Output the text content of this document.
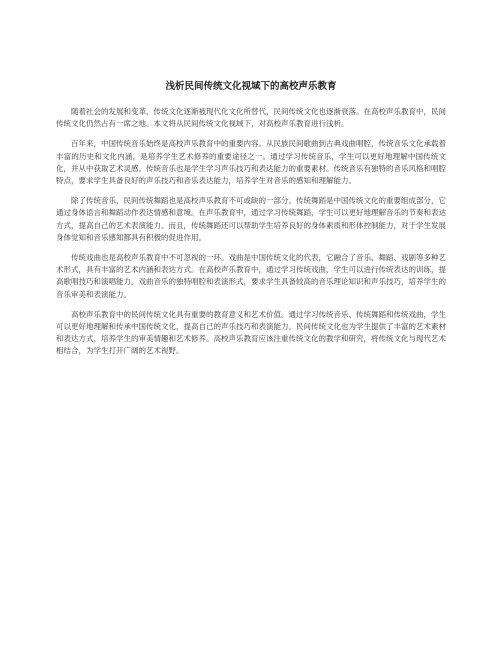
浅析民间传统文化视域下的高校声乐教育

随着社会的发展和变革，传统文化逐渐被现代化文化所替代，民间传统文化也逐渐衰落。在高校声乐教育中，民间传统文化仍然占有一席之地。本文将从民间传统文化视域下，对高校声乐教育进行浅析。

百年来，中国传统音乐始终是高校声乐教育中的重要内容。从民族民间歌曲到古典戏曲唱腔，传统音乐文化承载着丰富的历史和文化内涵，是培养学生艺术修养的重要途径之一。通过学习传统音乐，学生可以更好地理解中国传统文化，并从中获取艺术灵感。传统音乐也是学生学习声乐技巧和表达能力的重要素材。传统音乐有独特的音乐风格和唱腔特点，要求学生具备良好的声乐技巧和音乐表达能力，培养学生对音乐的感知和理解能力。

除了传统音乐，民间传统舞蹈也是高校声乐教育不可或缺的一部分。传统舞蹈是中国传统文化的重要组成部分，它通过身体语言和舞蹈动作表达情感和意境。在声乐教育中，通过学习传统舞蹈，学生可以更好地理解音乐的节奏和表达方式，提高自己的艺术表演能力。而且，传统舞蹈还可以帮助学生培养良好的身体素质和形体控制能力，对于学生发展身体觉知和音乐感知都具有积极的促进作用。

传统戏曲也是高校声乐教育中不可忽视的一环。戏曲是中国传统文化的代表，它融合了音乐、舞蹈、戏剧等多种艺术形式，具有丰富的艺术内涵和表达方式。在高校声乐教育中，通过学习传统戏曲，学生可以进行传统表达的训练，提高歌唱技巧和演唱能力。戏曲音乐的独特唱腔和表演形式，要求学生具备较高的音乐理论知识和声乐技巧，培养学生的音乐审美和表演能力。

高校声乐教育中的民间传统文化具有重要的教育意义和艺术价值。通过学习传统音乐、传统舞蹈和传统戏曲，学生可以更好地理解和传承中国传统文化，提高自己的声乐技巧和表演能力。民间传统文化也为学生提供了丰富的艺术素材和表达方式，培养学生的审美情趣和艺术修养。高校声乐教育应该注重传统文化的教学和研究，将传统文化与现代艺术相结合，为学生打开广阔的艺术视野。
